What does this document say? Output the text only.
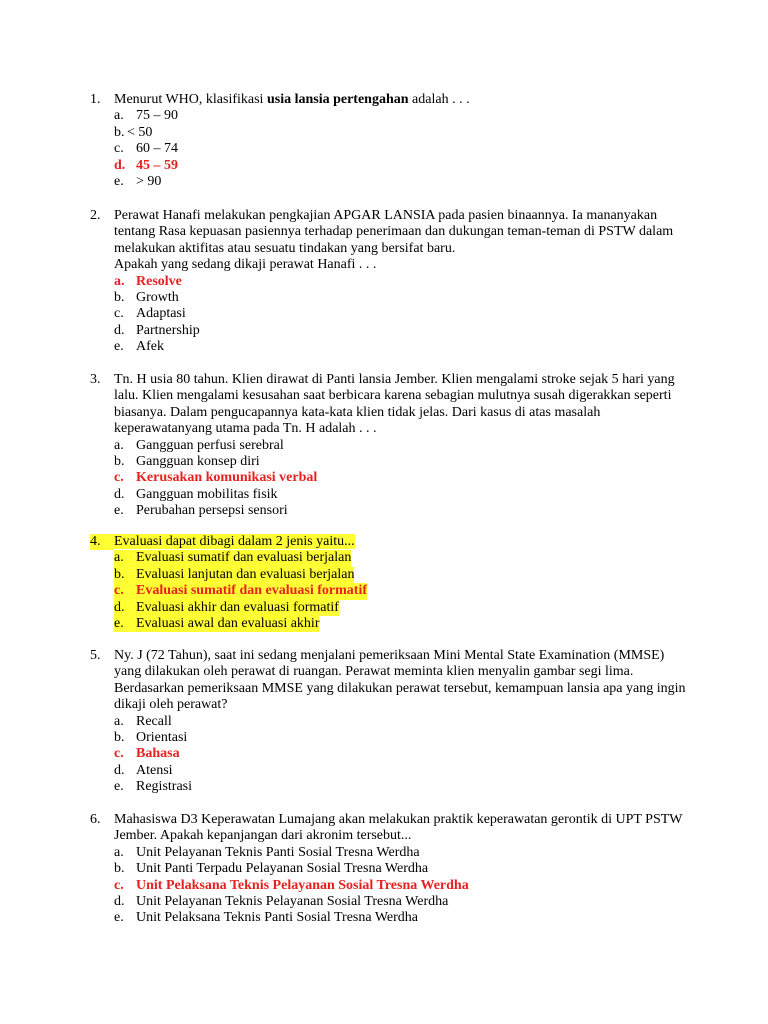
1. Menurut WHO, klasifikasi usia lansia pertengahan adalah . . .
a. 75 – 90
b. < 50
c. 60 – 74
d. 45 – 59
e. > 90
2. Perawat Hanafi melakukan pengkajian APGAR LANSIA pada pasien binaannya. Ia mananyakan
tentang Rasa kepuasan pasiennya terhadap penerimaan dan dukungan teman-teman di PSTW dalam
melakukan aktifitas atau sesuatu tindakan yang bersifat baru.
Apakah yang sedang dikaji perawat Hanafi . . .
a. Resolve
b. Growth
c. Adaptasi
d. Partnership
e. Afek
3. Tn. H usia 80 tahun. Klien dirawat di Panti lansia Jember. Klien mengalami stroke sejak 5 hari yang
lalu. Klien mengalami kesusahan saat berbicara karena sebagian mulutnya susah digerakkan seperti
biasanya. Dalam pengucapannya kata-kata klien tidak jelas. Dari kasus di atas masalah
keperawatanyang utama pada Tn. H adalah . . .
a. Gangguan perfusi serebral
b. Gangguan konsep diri
c. Kerusakan komunikasi verbal
d. Gangguan mobilitas fisik
e. Perubahan persepsi sensori
4. Evaluasi dapat dibagi dalam 2 jenis yaitu...
a. Evaluasi sumatif dan evaluasi berjalan
b. Evaluasi lanjutan dan evaluasi berjalan
c. Evaluasi sumatif dan evaluasi formatif
d. Evaluasi akhir dan evaluasi formatif
e. Evaluasi awal dan evaluasi akhir
5. Ny. J (72 Tahun), saat ini sedang menjalani pemeriksaan Mini Mental State Examination (MMSE)
yang dilakukan oleh perawat di ruangan. Perawat meminta klien menyalin gambar segi lima.
Berdasarkan pemeriksaan MMSE yang dilakukan perawat tersebut, kemampuan lansia apa yang ingin
dikaji oleh perawat?
a. Recall
b. Orientasi
c. Bahasa
d. Atensi
e. Registrasi
6. Mahasiswa D3 Keperawatan Lumajang akan melakukan praktik keperawatan gerontik di UPT PSTW
Jember. Apakah kepanjangan dari akronim tersebut...
a. Unit Pelayanan Teknis Panti Sosial Tresna Werdha
b. Unit Panti Terpadu Pelayanan Sosial Tresna Werdha
c. Unit Pelaksana Teknis Pelayanan Sosial Tresna Werdha
d. Unit Pelayanan Teknis Pelayanan Sosial Tresna Werdha
e. Unit Pelaksana Teknis Panti Sosial Tresna Werdha
